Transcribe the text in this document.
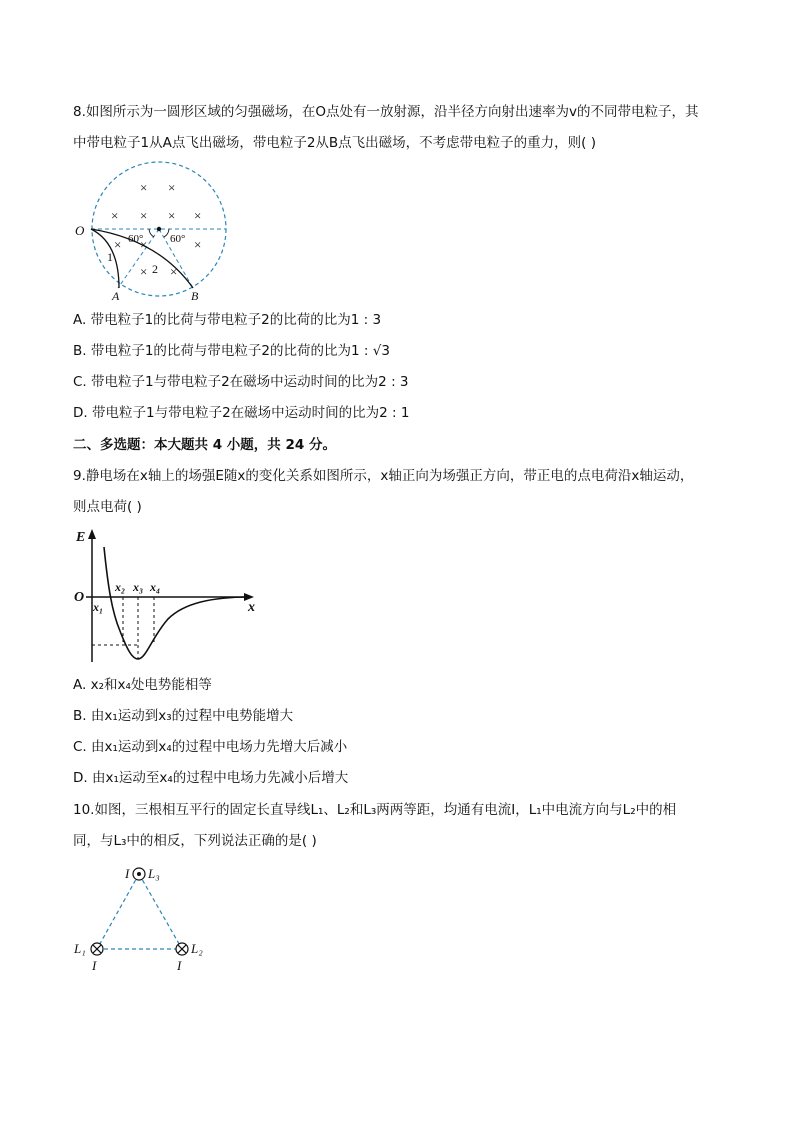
8.如图所示为一圆形区域的匀强磁场，在O点处有一放射源，沿半径方向射出速率为v的不同带电粒子，其
中带电粒子1从A点飞出磁场，带电粒子2从B点飞出磁场，不考虑带电粒子的重力，则( )
× ×
× × × ×
× ×	×
× ×
O
A	B
1
2
60° 60°
A. 带电粒子1的比荷与带电粒子2的比荷的比为1 : 3
B. 带电粒子1的比荷与带电粒子2的比荷的比为1 : √3
C. 带电粒子1与带电粒子2在磁场中运动时间的比为2 : 3
D. 带电粒子1与带电粒子2在磁场中运动时间的比为2 : 1
二、多选题：本大题共 4 小题，共 24 分。
9.静电场在x轴上的场强E随x的变化关系如图所示，x轴正向为场强正方向，带正电的点电荷沿x轴运动，
则点电荷( )
E
O
x
x₁
x₂ x₃ x₄
A. x₂和x₄处电势能相等
B. 由x₁运动到x₃的过程中电势能增大
C. 由x₁运动到x₄的过程中电场力先增大后减小
D. 由x₁运动至x₄的过程中电场力先减小后增大
10.如图，三根相互平行的固定长直导线L₁、L₂和L₃两两等距，均通有电流I，L₁中电流方向与L₂中的相
同，与L₃中的相反，下列说法正确的是( )
I L₃
L₁
I
L₂
I
